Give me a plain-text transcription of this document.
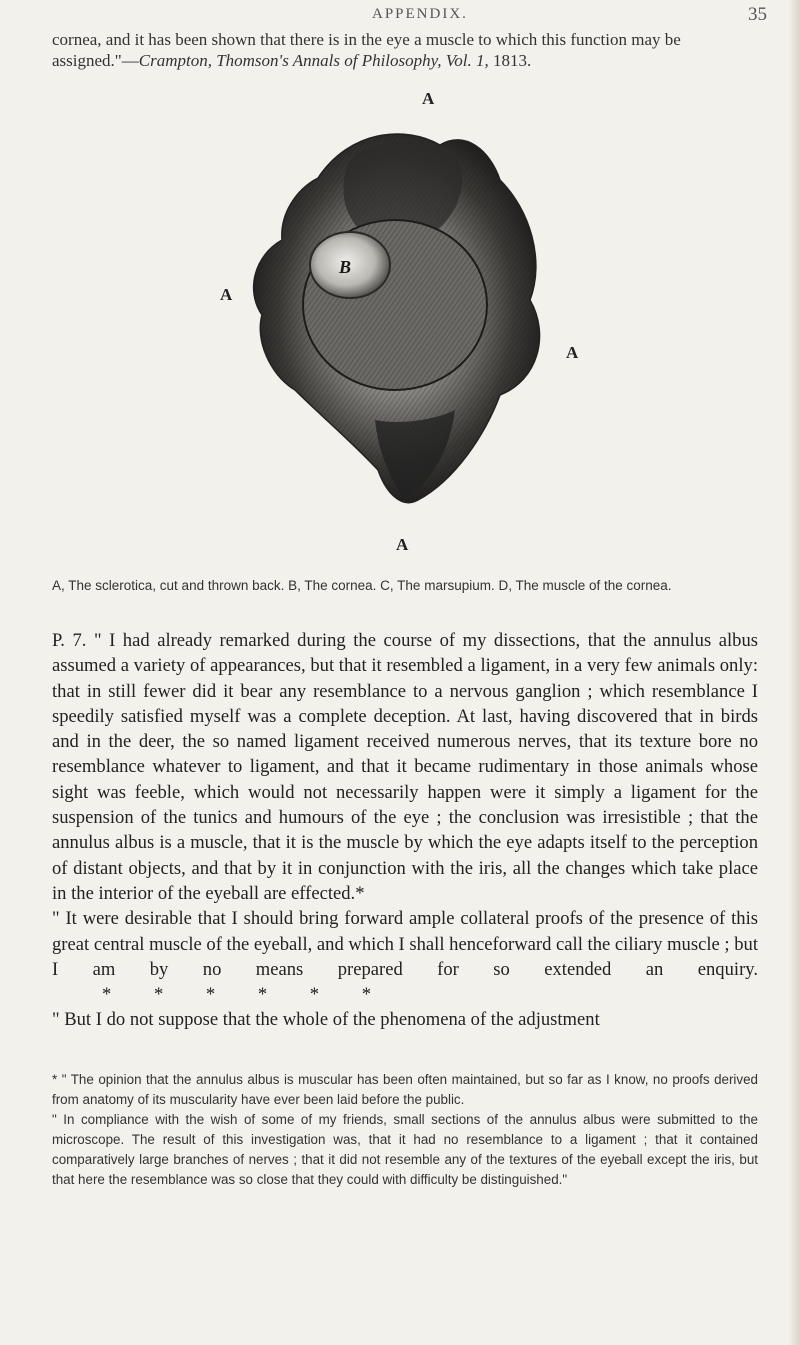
APPENDIX.	35
cornea, and it has been shown that there is in the eye a muscle to which this function may be assigned."—Crampton, Thomson's Annals of Philosophy, Vol. 1, 1813.
A
A
A
A
B
A, The sclerotica, cut and thrown back. B, The cornea. C, The marsupium. D, The muscle of the cornea.

P. 7. " I had already remarked during the course of my dissections, that the annulus albus assumed a variety of appearances, but that it resembled a ligament, in a very few animals only: that in still fewer did it bear any resemblance to a nervous ganglion ; which resemblance I speedily satisfied myself was a complete deception. At last, having discovered that in birds and in the deer, the so named ligament received numerous nerves, that its texture bore no resemblance whatever to ligament, and that it became rudimentary in those animals whose sight was feeble, which would not necessarily happen were it simply a ligament for the suspension of the tunics and humours of the eye ; the conclusion was irresistible ; that the annulus albus is a muscle, that it is the muscle by which the eye adapts itself to the perception of distant objects, and that by it in conjunction with the iris, all the changes which take place in the interior of the eyeball are effected.*

" It were desirable that I should bring forward ample collateral proofs of the presence of this great central muscle of the eyeball, and which I shall henceforward call the ciliary muscle ; but I am by no means prepared for so extended an enquiry.* * * * * *

" But I do not suppose that the whole of the phenomena of the adjustment

* " The opinion that the annulus albus is muscular has been often maintained, but so far as I know, no proofs derived from anatomy of its muscularity have ever been laid before the public.

" In compliance with the wish of some of my friends, small sections of the annulus albus were submitted to the microscope. The result of this investigation was, that it had no resemblance to a ligament ; that it contained comparatively large branches of nerves ; that it did not resemble any of the textures of the eyeball except the iris, but that here the resemblance was so close that they could with difficulty be distinguished."
